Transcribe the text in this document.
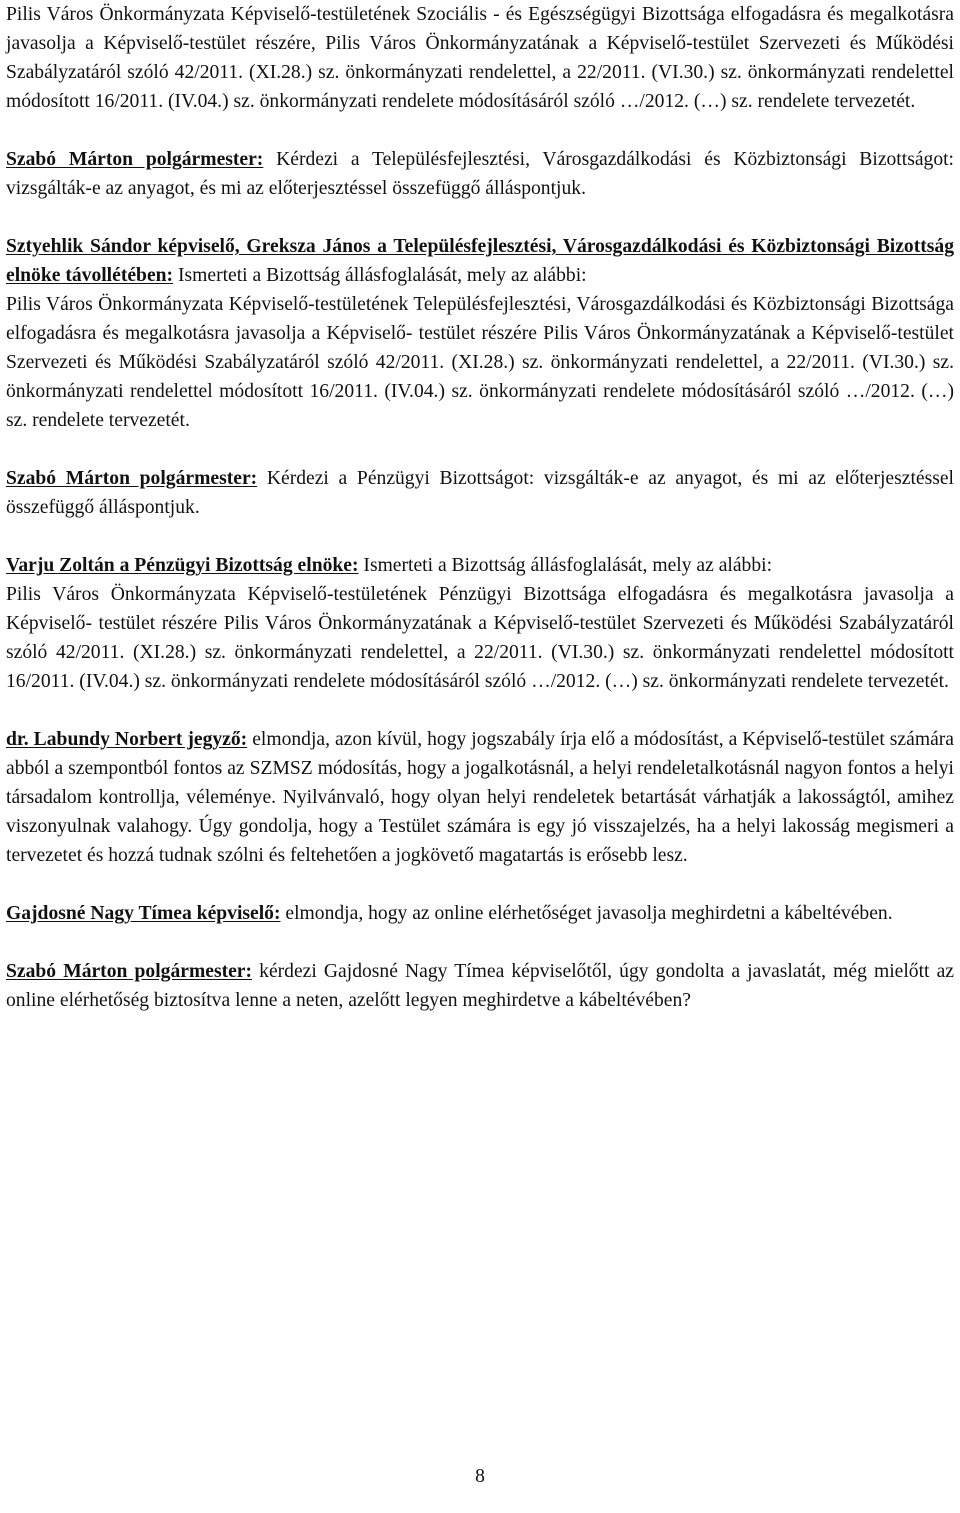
Pilis Város Önkormányzata Képviselő-testületének Szociális - és Egészségügyi Bizottsága elfogadásra és megalkotásra javasolja a Képviselő-testület részére, Pilis Város Önkormányzatának a Képviselő-testület Szervezeti és Működési Szabályzatáról szóló 42/2011. (XI.28.) sz. önkormányzati rendelettel, a 22/2011. (VI.30.) sz. önkormányzati rendelettel módosított 16/2011. (IV.04.) sz. önkormányzati rendelete módosításáról szóló …/2012. (…) sz. rendelete tervezetét.

Szabó Márton polgármester: Kérdezi a Településfejlesztési, Városgazdálkodási és Közbiztonsági Bizottságot: vizsgálták-e az anyagot, és mi az előterjesztéssel összefüggő álláspontjuk.

Sztyehlik Sándor képviselő, Greksza János a Településfejlesztési, Városgazdálkodási és Közbiztonsági Bizottság elnöke távollétében: Ismerteti a Bizottság állásfoglalását, mely az alábbi:

Pilis Város Önkormányzata Képviselő-testületének Településfejlesztési, Városgazdálkodási és Közbiztonsági Bizottsága elfogadásra és megalkotásra javasolja a Képviselő- testület részére Pilis Város Önkormányzatának a Képviselő-testület Szervezeti és Működési Szabályzatáról szóló 42/2011. (XI.28.) sz. önkormányzati rendelettel, a 22/2011. (VI.30.) sz. önkormányzati rendelettel módosított 16/2011. (IV.04.) sz. önkormányzati rendelete módosításáról szóló …/2012. (…) sz. rendelete tervezetét.

Szabó Márton polgármester: Kérdezi a Pénzügyi Bizottságot: vizsgálták-e az anyagot, és mi az előterjesztéssel összefüggő álláspontjuk.

Varju Zoltán a Pénzügyi Bizottság elnöke: Ismerteti a Bizottság állásfoglalását, mely az alábbi:

Pilis Város Önkormányzata Képviselő-testületének Pénzügyi Bizottsága elfogadásra és megalkotásra javasolja a Képviselő- testület részére Pilis Város Önkormányzatának a Képviselő-testület Szervezeti és Működési Szabályzatáról szóló 42/2011. (XI.28.) sz. önkormányzati rendelettel, a 22/2011. (VI.30.) sz. önkormányzati rendelettel módosított 16/2011. (IV.04.) sz. önkormányzati rendelete módosításáról szóló …/2012. (…) sz. önkormányzati rendelete tervezetét.

dr. Labundy Norbert jegyző: elmondja, azon kívül, hogy jogszabály írja elő a módosítást, a Képviselő-testület számára abból a szempontból fontos az SZMSZ módosítás, hogy a jogalkotásnál, a helyi rendeletalkotásnál nagyon fontos a helyi társadalom kontrollja, véleménye. Nyilvánvaló, hogy olyan helyi rendeletek betartását várhatják a lakosságtól, amihez viszonyulnak valahogy. Úgy gondolja, hogy a Testület számára is egy jó visszajelzés, ha a helyi lakosság megismeri a tervezetet és hozzá tudnak szólni és feltehetően a jogkövető magatartás is erősebb lesz.

Gajdosné Nagy Tímea képviselő: elmondja, hogy az online elérhetőséget javasolja meghirdetni a kábeltévében.

Szabó Márton polgármester: kérdezi Gajdosné Nagy Tímea képviselőtől, úgy gondolta a javaslatát, még mielőtt az online elérhetőség biztosítva lenne a neten, azelőtt legyen meghirdetve a kábeltévében?

8
